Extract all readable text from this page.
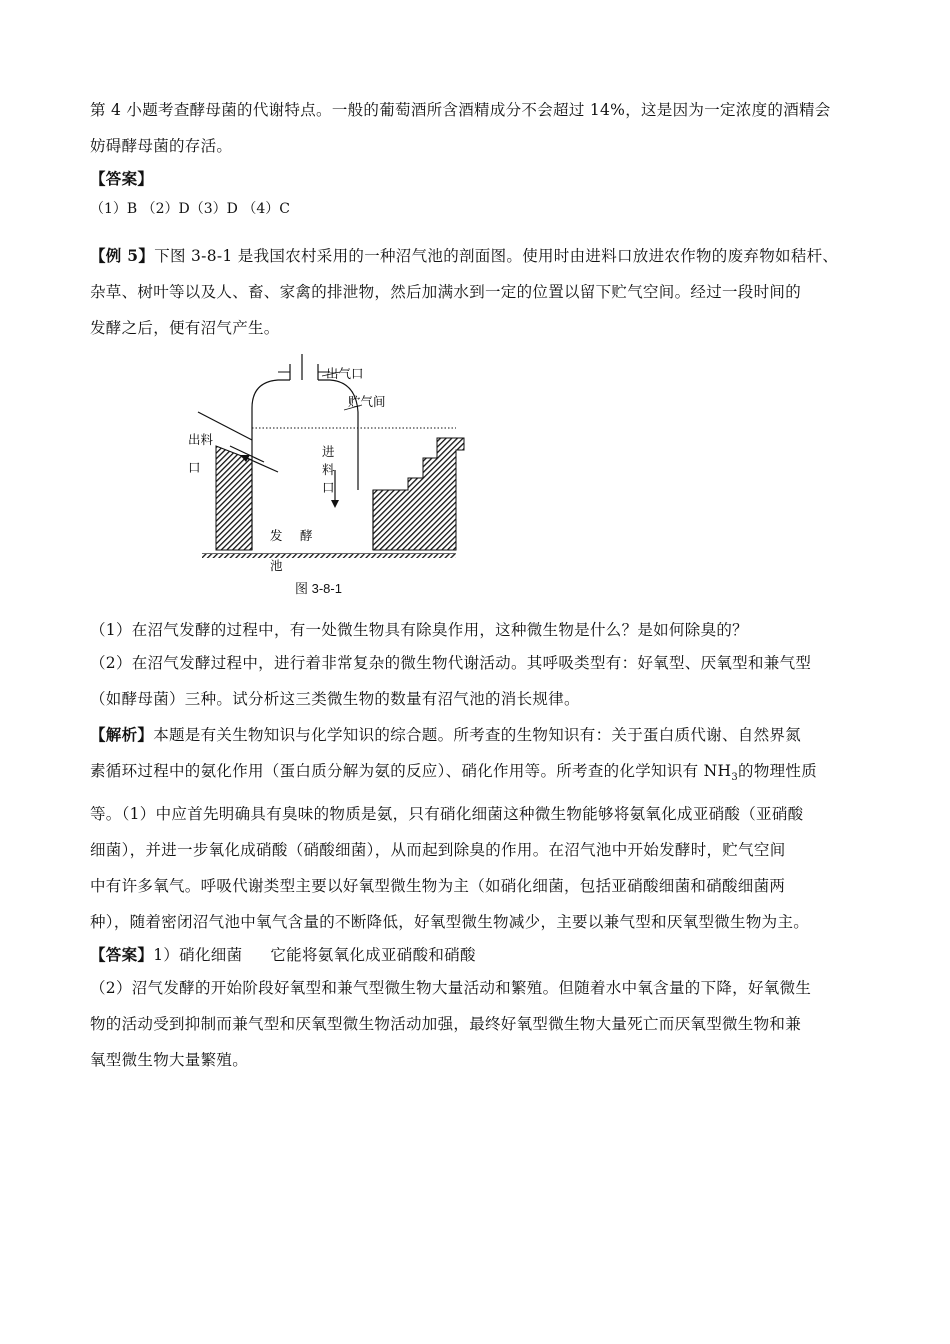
第 4 小题考查酵母菌的代谢特点。一般的葡萄酒所含酒精成分不会超过 14%，这是因为一定浓度的酒精会

妨碍酵母菌的存活。

【答案】

（1）B （2）D（3）D （4）C

【例 5】下图 3-8-1 是我国农村采用的一种沼气池的剖面图。使用时由进料口放进农作物的废弃物如秸杆、

杂草、树叶等以及人、畜、家禽的排泄物，然后加满水到一定的位置以留下贮气空间。经过一段时间的

发酵之后，便有沼气产生。

出气口
贮气间
出料
口
进
料
口
发 酵
池
图 3-8-1

（1）在沼气发酵的过程中，有一处微生物具有除臭作用，这种微生物是什么？是如何除臭的？

（2）在沼气发酵过程中，进行着非常复杂的微生物代谢活动。其呼吸类型有：好氧型、厌氧型和兼气型

（如酵母菌）三种。试分析这三类微生物的数量有沼气池的消长规律。

【解析】本题是有关生物知识与化学知识的综合题。所考查的生物知识有：关于蛋白质代谢、自然界氮

素循环过程中的氨化作用（蛋白质分解为氨的反应）、硝化作用等。所考查的化学知识有 $NH_3$的物理性质

等。（1）中应首先明确具有臭味的物质是氨，只有硝化细菌这种微生物能够将氨氧化成亚硝酸（亚硝酸

细菌），并进一步氧化成硝酸（硝酸细菌），从而起到除臭的作用。在沼气池中开始发酵时，贮气空间

中有许多氧气。呼吸代谢类型主要以好氧型微生物为主（如硝化细菌，包括亚硝酸细菌和硝酸细菌两

种），随着密闭沼气池中氧气含量的不断降低，好氧型微生物减少，主要以兼气型和厌氧型微生物为主。

【答案】1）硝化细菌 它能将氨氧化成亚硝酸和硝酸

（2）沼气发酵的开始阶段好氧型和兼气型微生物大量活动和繁殖。但随着水中氧含量的下降，好氧微生

物的活动受到抑制而兼气型和厌氧型微生物活动加强，最终好氧型微生物大量死亡而厌氧型微生物和兼

氧型微生物大量繁殖。
